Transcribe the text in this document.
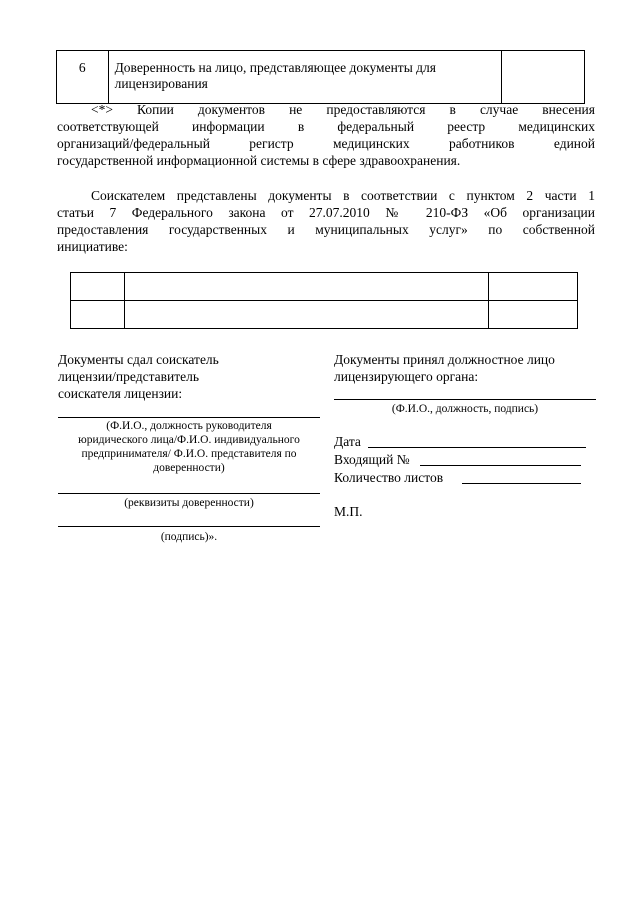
6	Доверенность на лицо, представляющее документы для
лицензирования

<*> Копии документов не предоставляются в случае внесения
соответствующей информации в федеральный реестр медицинских
организаций/федеральный регистр медицинских работников единой
государственной информационной системы в сфере здравоохранения.
Соискателем представлены документы в соответствии с пунктом 2 части 1
статьи 7 Федерального закона от 27.07.2010 № 210-ФЗ «Об организации
предоставления государственных и муниципальных услуг» по собственной
инициативе:

Документы сдал соискатель
лицензии/представитель
соискателя лицензии:
(Ф.И.О., должность руководителя
юридического лица/Ф.И.О. индивидуального
предпринимателя/ Ф.И.О. представителя по
доверенности)
(реквизиты доверенности)
(подпись)».
Документы принял должностное лицо
лицензирующего органа:
(Ф.И.О., должность, подпись)
Дата
Входящий №
Количество листов
М.П.
